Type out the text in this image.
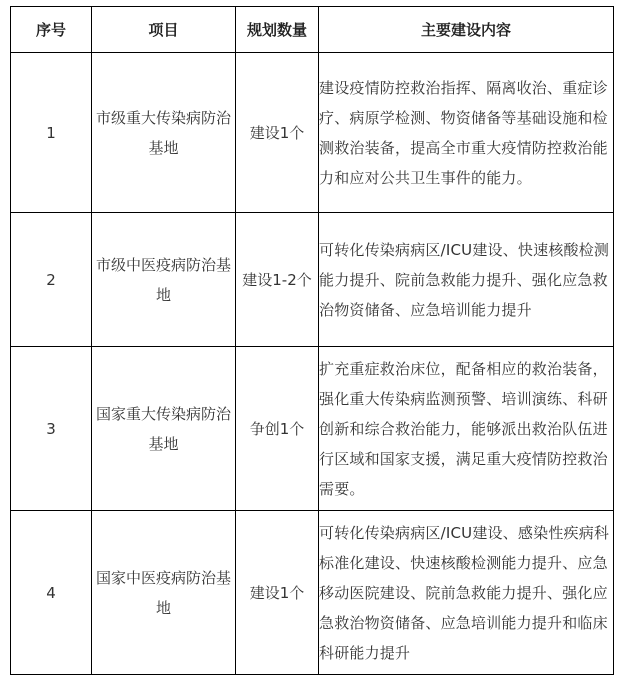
序号	项目	规划数量	主要建设内容
1	市级重大传染病防治基地	建设1个	建设疫情防控救治指挥、隔离收治、重症诊疗、病原学检测、物资储备等基础设施和检测救治装备，提高全市重大疫情防控救治能力和应对公共卫生事件的能力。
2	市级中医疫病防治基地	建设1-2个	可转化传染病病区/ICU建设、快速核酸检测能力提升、院前急救能力提升、强化应急救治物资储备、应急培训能力提升
3	国家重大传染病防治基地	争创1个	扩充重症救治床位，配备相应的救治装备，强化重大传染病监测预警、培训演练、科研创新和综合救治能力，能够派出救治队伍进行区域和国家支援，满足重大疫情防控救治需要。
4	国家中医疫病防治基地	建设1个	可转化传染病病区/ICU建设、感染性疾病科标准化建设、快速核酸检测能力提升、应急移动医院建设、院前急救能力提升、强化应急救治物资储备、应急培训能力提升和临床科研能力提升
